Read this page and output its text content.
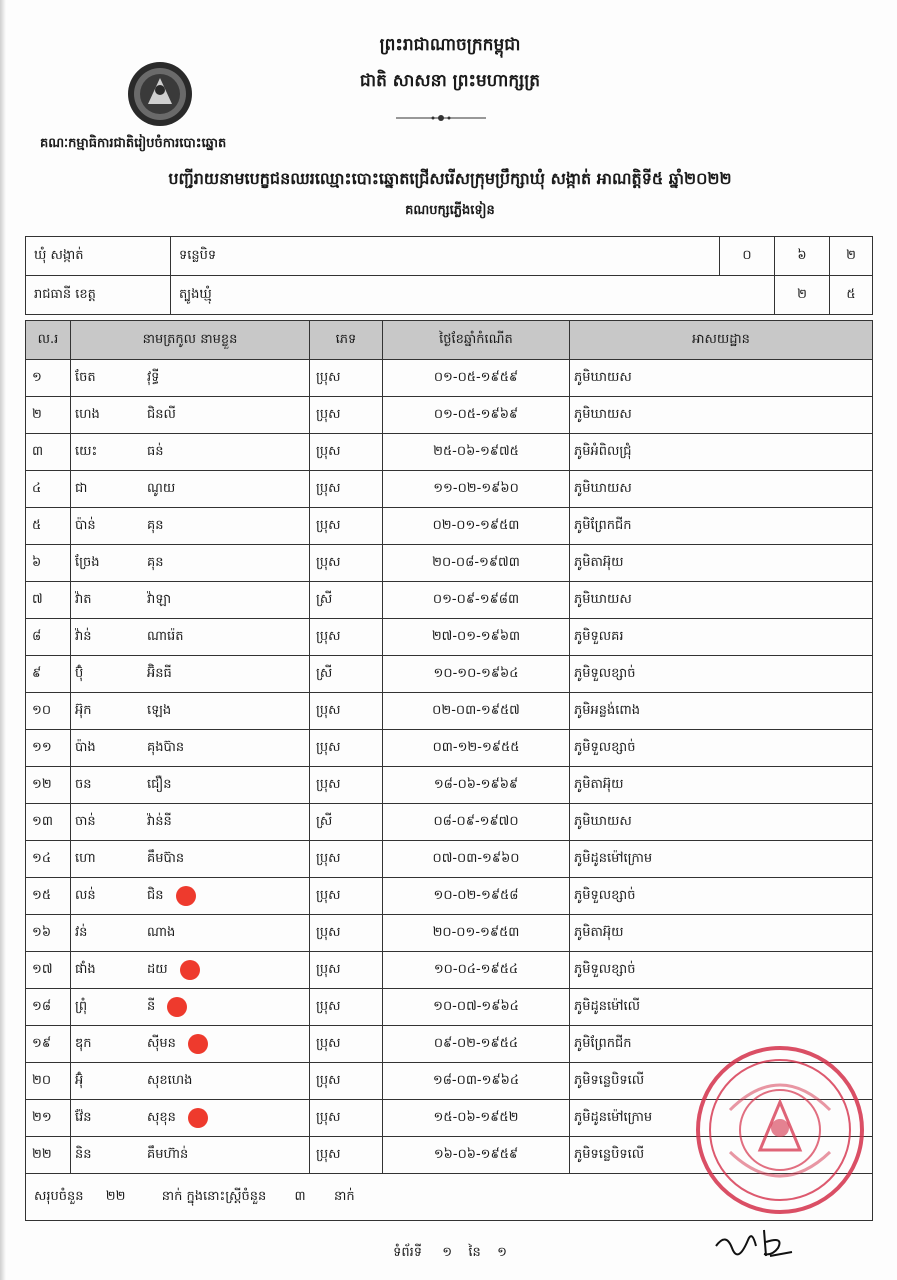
ព្រះរាជាណាចក្រកម្ពុជា
ជាតិ សាសនា ព្រះមហាក្សត្រ
គណៈកម្មាធិការជាតិរៀបចំការបោះឆ្នោត
បញ្ជីរាយនាមបេក្ខជនឈរឈ្មោះបោះឆ្នោតជ្រើសរើសក្រុមប្រឹក្សាឃុំ សង្កាត់ អាណត្តិទី៥ ឆ្នាំ២០២២
គណបក្សភ្លើងទៀន
ឃុំ សង្កាត់	ទន្លេបិទ	០	៦	២
រាជធានី ខេត្ត	ត្បូងឃ្មុំ		២	៥
ល.រ	នាមត្រកូល នាមខ្លួន	ភេទ	ថ្ងៃខែឆ្នាំកំណើត	អាសយដ្ឋាន
១	ចែត វុទ្ធី	ប្រុស	០១-០៥-១៩៥៩	ភូមិឃាយស
២	ហេង ជិនលី	ប្រុស	០១-០៥-១៩៦៩	ភូមិឃាយស
៣	យេះ ធន់	ប្រុស	២៥-០៦-១៩៧៥	ភូមិអំពិលជ្រុំ
៤	ជា ណូយ	ប្រុស	១១-០២-១៩៦០	ភូមិឃាយស
៥	ប៉ាន់ គុន	ប្រុស	០២-០១-១៩៥៣	ភូមិព្រែកជីក
៦	ច្រែង គុន	ប្រុស	២០-០៨-១៩៧៣	ភូមិតាអ៊ុយ
៧	វ៉ាត វ៉ាឡា	ស្រី	០១-០៩-១៩៨៣	ភូមិឃាយស
៨	វ៉ាន់ ណារ៉េត	ប្រុស	២៧-០១-១៩៦៣	ភូមិទួលគរ
៩	ប៊ុំ អ៊ិនធី	ស្រី	១០-១០-១៩៦៤	ភូមិទួលខ្សាច់
១០	អ៊ុក ឡេង	ប្រុស	០២-០៣-១៩៥៧	ភូមិអន្លង់ពោង
១១	ប៉ាង គុងប៊ាន	ប្រុស	០៣-១២-១៩៥៥	ភូមិទួលខ្សាច់
១២	ចន ជឿន	ប្រុស	១៨-០៦-១៩៦៩	ភូមិតាអ៊ុយ
១៣	ចាន់ វ៉ាន់នី	ស្រី	០៨-០៩-១៩៧០	ភូមិឃាយស
១៤	ហោ គឹមប៊ាន	ប្រុស	០៧-០៣-១៩៦០	ភូមិដូនម៉ៅក្រោម
១៥	លន់ ជិន	ប្រុស	១០-០២-១៩៥៨	ភូមិទួលខ្សាច់
១៦	វន់ ណាង	ប្រុស	២០-០១-១៩៥៣	ភូមិតាអ៊ុយ
១៧	ផាំង ដយ	ប្រុស	១០-០៤-១៩៥៤	ភូមិទួលខ្សាច់
១៨	ព្រុំ នី	ប្រុស	១០-០៧-១៩៦៤	ភូមិដូនម៉ៅលើ
១៩	ឌុក ស៊ីមន	ប្រុស	០៩-០២-១៩៥៤	ភូមិព្រែកជីក
២០	អ៊ុំ សុខហេង	ប្រុស	១៨-០៣-១៩៦៤	ភូមិទន្លេបិទលើ
២១	វ៉ែន សុខុន	ប្រុស	១៥-០៦-១៩៥២	ភូមិដូនម៉ៅក្រោម
២២	និន គឹមហ៊ាន់	ប្រុស	១៦-០៦-១៩៥៩	ភូមិទន្លេបិទលើ
សរុបចំនួន ២២ នាក់ ក្នុងនោះស្ត្រីចំនួន ៣ នាក់				
ទំព័រទី ១ នៃ ១
